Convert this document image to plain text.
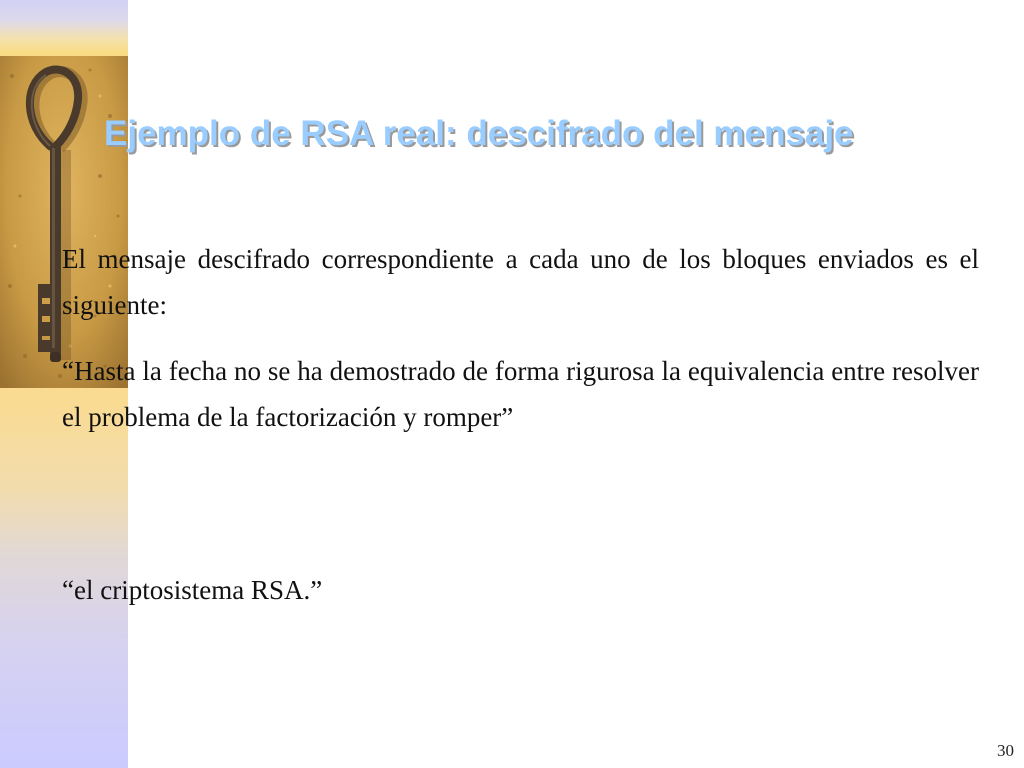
Ejemplo de RSA real: descifrado del mensaje

El mensaje descifrado correspondiente a cada uno de los bloques enviados es el siguiente:

“Hasta la fecha no se ha demostrado de forma rigurosa la equivalencia entre resolver el problema de la factorización y romper”

“el criptosistema RSA.”

30
